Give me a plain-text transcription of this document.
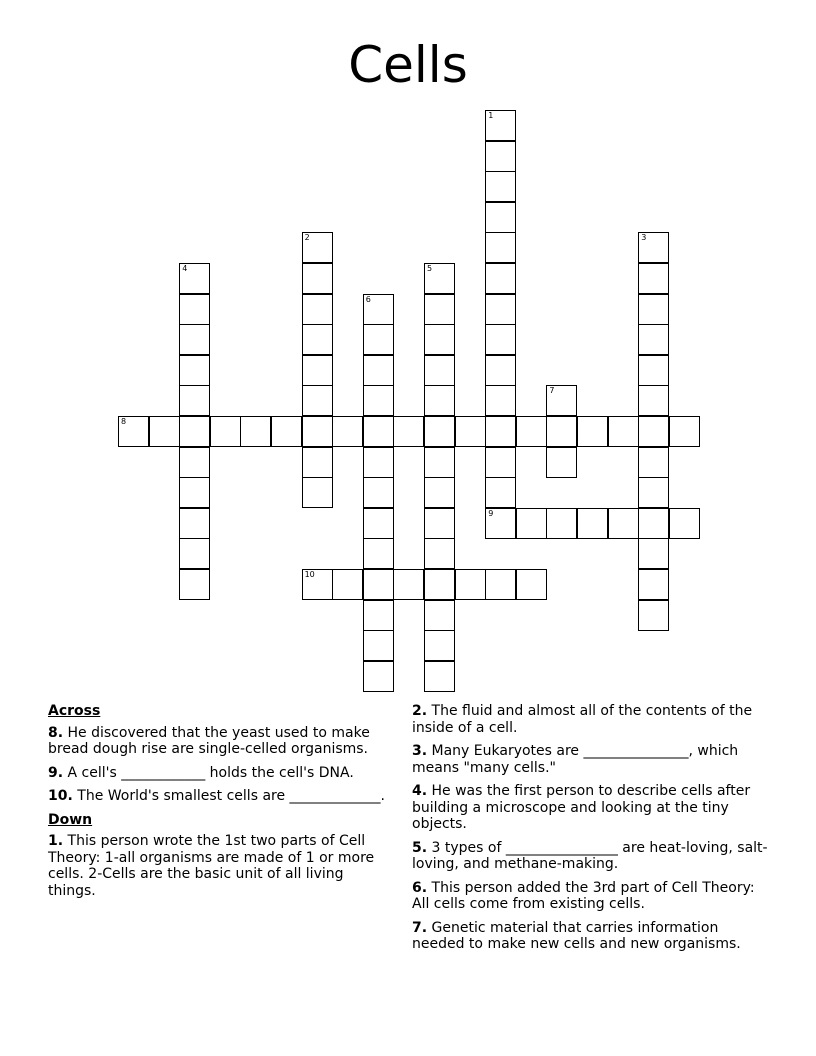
Cells
1
9
2	3
4	5
6
7
8
10
Across
8. He discovered that the yeast used to make bread dough rise are single-celled organisms.
9. A cell's ____________ holds the cell's DNA.
10. The World's smallest cells are _____________.
Down
1. This person wrote the 1st two parts of Cell Theory: 1-all organisms are made of 1 or more cells. 2-Cells are the basic unit of all living things.
2. The fluid and almost all of the contents of the inside of a cell.
3. Many Eukaryotes are _______________, which means "many cells."
4. He was the first person to describe cells after building a microscope and looking at the tiny objects.
5. 3 types of ________________ are heat-loving, salt-loving, and methane-making.
6. This person added the 3rd part of Cell Theory: All cells come from existing cells.
7. Genetic material that carries information needed to make new cells and new organisms.
